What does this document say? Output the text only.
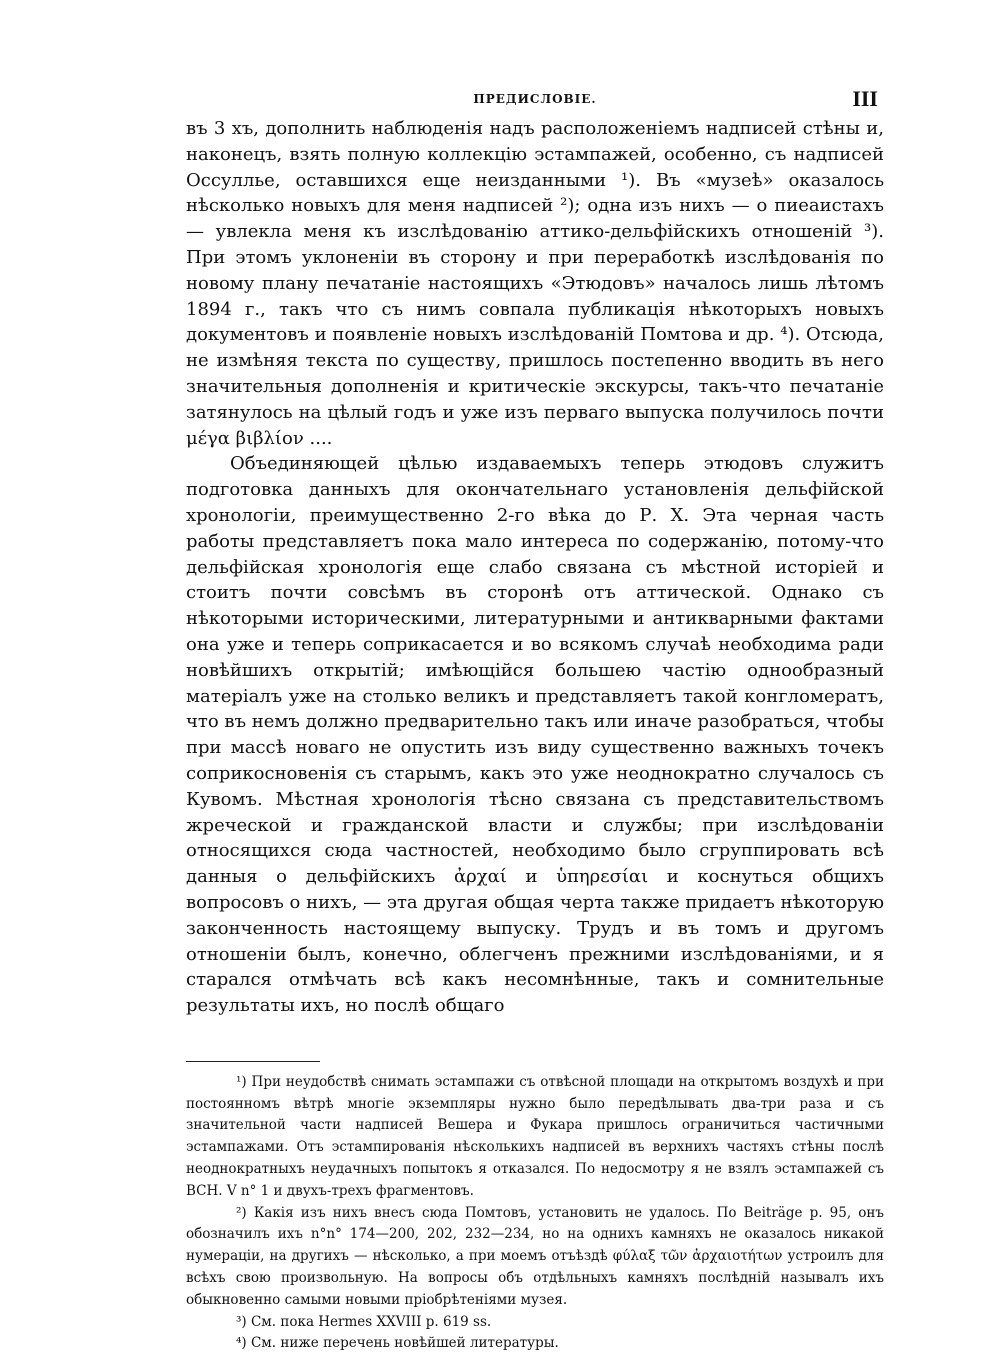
ПРЕДИСЛОВІЕ.	III

въ 3 хъ, дополнить наблюденія надъ расположеніемъ надписей стѣны и, наконецъ, взять полную коллекцію эстампажей, особенно, съ надписей Оссуллье, оставшихся еще неизданными ¹). Въ «музеѣ» оказалось нѣсколько новыхъ для меня надписей ²); одна изъ нихъ — о пиеаистахъ — увлекла меня къ изслѣдованію аттико-дельфійскихъ отношеній ³). При этомъ уклоненіи въ сторону и при переработкѣ изслѣдованія по новому плану печатаніе настоящихъ «Этюдовъ» началось лишь лѣтомъ 1894 г., такъ что съ нимъ совпала публикація нѣкоторыхъ новыхъ документовъ и появленіе новыхъ изслѣдованій Помтова и др. ⁴). Отсюда, не измѣняя текста по существу, пришлось постепенно вводить въ него значительныя дополненія и критическіе экскурсы, такъ-что печатаніе затянулось на цѣлый годъ и уже изъ перваго выпуска получилось почти μέγα βιβλίον ....

Объединяющей цѣлью издаваемыхъ теперь этюдовъ служитъ подготовка данныхъ для окончательнаго установленія дельфійской хронологіи, преимущественно 2-го вѣка до Р. Х. Эта черная часть работы представляетъ пока мало интереса по содержанію, потому-что дельфійская хронологія еще слабо связана съ мѣстной исторіей и стоитъ почти совсѣмъ въ сторонѣ отъ аттической. Однако съ нѣкоторыми историческими, литературными и антикварными фактами она уже и теперь соприкасается и во всякомъ случаѣ необходима ради новѣйшихъ открытій; имѣющійся большею частію однообразный матеріалъ уже на столько великъ и представляетъ такой конгломератъ, что въ немъ должно предварительно такъ или иначе разобраться, чтобы при массѣ новаго не опустить изъ виду существенно важныхъ точекъ соприкосновенія съ старымъ, какъ это уже неоднократно случалось съ Кувомъ. Мѣстная хронологія тѣсно связана съ представительствомъ жреческой и гражданской власти и службы; при изслѣдованіи относящихся сюда частностей, необходимо было сгруппировать всѣ данныя о дельфійскихъ ἀρχαί и ὑπηρεσίαι и коснуться общихъ вопросовъ о нихъ, — эта другая общая черта также придаетъ нѣкоторую законченность настоящему выпуску. Трудъ и въ томъ и другомъ отношеніи былъ, конечно, облегченъ прежними изслѣдованіями, и я старался отмѣчать всѣ какъ несомнѣнные, такъ и сомнительные результаты ихъ, но послѣ общаго

¹) При неудобствѣ снимать эстампажи съ отвѣсной площади на открытомъ воздухѣ и при постоянномъ вѣтрѣ многіе экземпляры нужно было передѣлывать два-три раза и съ значительной части надписей Вешера и Фукара пришлось ограничиться частичными эстампажами. Отъ эстампированія нѣсколькихъ надписей въ верхнихъ частяхъ стѣны послѣ неоднократныхъ неудачныхъ попытокъ я отказался. По недосмотру я не взялъ эстампажей съ BCH. V n° 1 и двухъ-трехъ фрагментовъ.

²) Какія изъ нихъ внесъ сюда Помтовъ, установить не удалось. По Beiträge p. 95, онъ обозначилъ ихъ n°n° 174—200, 202, 232—234, но на однихъ камняхъ не оказалось никакой нумераціи, на другихъ — нѣсколько, а при моемъ отъѣздѣ φύλαξ τῶν ἀρχαιοτήτων устроилъ для всѣхъ свою произвольную. На вопросы объ отдѣльныхъ камняхъ послѣдній называлъ ихъ обыкновенно самыми новыми пріобрѣтеніями музея.

³) См. пока Hermes XXVIII p. 619 ss.

⁴) См. ниже перечень новѣйшей литературы.
